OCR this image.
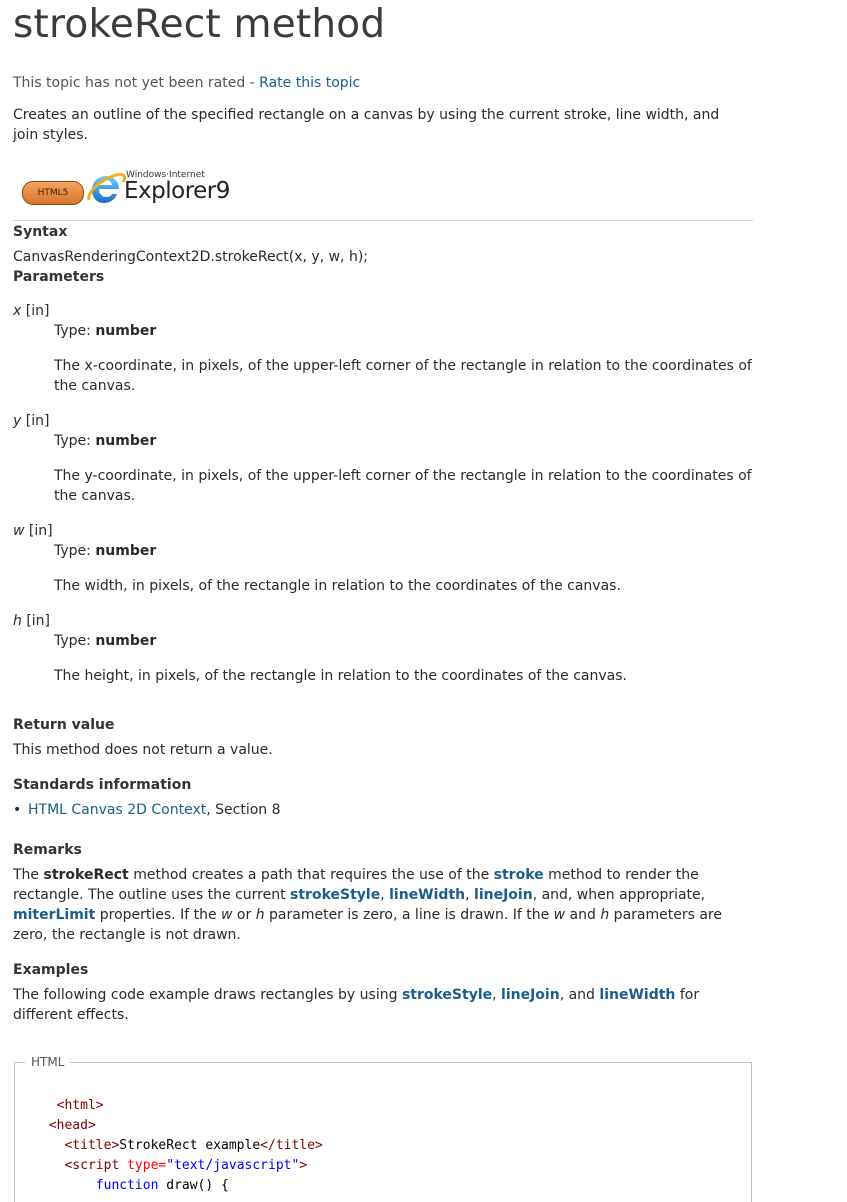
strokeRect method
This topic has not yet been rated - Rate this topic
Creates an outline of the specified rectangle on a canvas by using the current stroke, line width, and join styles.
HTML5
Windows·Internet
Explorer9
Syntax
CanvasRenderingContext2D.strokeRect(x, y, w, h);
Parameters
x [in]
Type: number
The x-coordinate, in pixels, of the upper-left corner of the rectangle in relation to the coordinates of the canvas.
y [in]
Type: number
The y-coordinate, in pixels, of the upper-left corner of the rectangle in relation to the coordinates of the canvas.
w [in]
Type: number
The width, in pixels, of the rectangle in relation to the coordinates of the canvas.
h [in]
Type: number
The height, in pixels, of the rectangle in relation to the coordinates of the canvas.
Return value
This method does not return a value.
Standards information
• HTML Canvas 2D Context, Section 8
Remarks
The strokeRect method creates a path that requires the use of the stroke method to render the rectangle. The outline uses the current strokeStyle, lineWidth, lineJoin, and, when appropriate, miterLimit properties. If the w or h parameter is zero, a line is drawn. If the w and h parameters are zero, the rectangle is not drawn.
Examples
The following code example draws rectangles by using strokeStyle, lineJoin, and lineWidth for different effects.
HTML
<html>
<head>
<title>StrokeRect example</title>
<script type="text/javascript">
function draw() {
